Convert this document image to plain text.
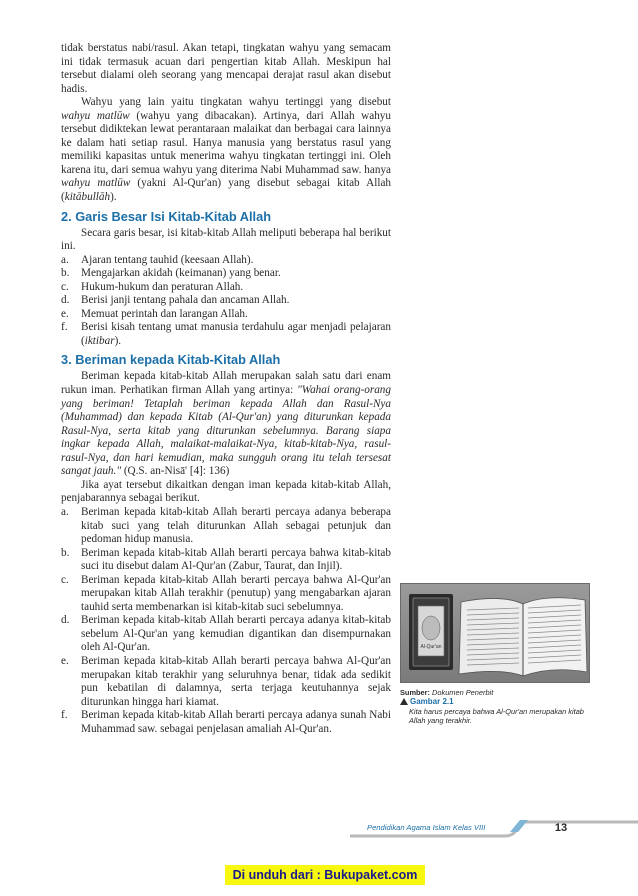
tidak berstatus nabi/rasul. Akan tetapi, tingkatan wahyu yang semacam ini tidak termasuk acuan dari pengertian kitab Allah. Meskipun hal tersebut dialami oleh seorang yang mencapai derajat rasul akan disebut hadis.

Wahyu yang lain yaitu tingkatan wahyu tertinggi yang disebut wahyu matlūw (wahyu yang dibacakan). Artinya, dari Allah wahyu tersebut didiktekan lewat perantaraan malaikat dan berbagai cara lainnya ke dalam hati setiap rasul. Hanya manusia yang berstatus rasul yang memiliki kapasitas untuk menerima wahyu tingkatan tertinggi ini. Oleh karena itu, dari semua wahyu yang diterima Nabi Muhammad saw. hanya wahyu matlūw (yakni Al-Qur'an) yang disebut sebagai kitab Allah (kitābullāh).

2. Garis Besar Isi Kitab-Kitab Allah

Secara garis besar, isi kitab-kitab Allah meliputi beberapa hal berikut ini.

a. Ajaran tentang tauhid (keesaan Allah).
b. Mengajarkan akidah (keimanan) yang benar.
c. Hukum-hukum dan peraturan Allah.
d. Berisi janji tentang pahala dan ancaman Allah.
e. Memuat perintah dan larangan Allah.
f. Berisi kisah tentang umat manusia terdahulu agar menjadi pelajaran (iktibar).
3. Beriman kepada Kitab-Kitab Allah

Beriman kepada kitab-kitab Allah merupakan salah satu dari enam rukun iman. Perhatikan firman Allah yang artinya: "Wahai orang-orang yang beriman! Tetaplah beriman kepada Allah dan Rasul-Nya (Muhammad) dan kepada Kitab (Al-Qur'an) yang diturunkan kepada Rasul-Nya, serta kitab yang diturunkan sebelumnya. Barang siapa ingkar kepada Allah, malaikat-malaikat-Nya, kitab-kitab-Nya, rasul-rasul-Nya, dan hari kemudian, maka sungguh orang itu telah tersesat sangat jauh." (Q.S. an-Nisā' [4]: 136)

Jika ayat tersebut dikaitkan dengan iman kepada kitab-kitab Allah, penjabarannya sebagai berikut.

a. Beriman kepada kitab-kitab Allah berarti percaya adanya beberapa kitab suci yang telah diturunkan Allah sebagai petunjuk dan pedoman hidup manusia.
b. Beriman kepada kitab-kitab Allah berarti percaya bahwa kitab-kitab suci itu disebut dalam Al-Qur'an (Zabur, Taurat, dan Injil).
c. Beriman kepada kitab-kitab Allah berarti percaya bahwa Al-Qur'an merupakan kitab Allah terakhir (penutup) yang mengabarkan ajaran tauhid serta membenarkan isi kitab-kitab suci sebelumnya.
d. Beriman kepada kitab-kitab Allah berarti percaya adanya kitab-kitab sebelum Al-Qur'an yang kemudian digantikan dan disempurnakan oleh Al-Qur'an.
e. Beriman kepada kitab-kitab Allah berarti percaya bahwa Al-Qur'an merupakan kitab terakhir yang seluruhnya benar, tidak ada sedikit pun kebatilan di dalamnya, serta terjaga keutuhannya sejak diturunkan hingga hari kiamat.
f. Beriman kepada kitab-kitab Allah berarti percaya adanya sunah Nabi Muhammad saw. sebagai penjelasan amaliah Al-Qur'an.
Al-Qur'an
Sumber: Dokumen Penerbit
Gambar 2.1
Kita harus percaya bahwa Al-Qur'an merupakan kitab Allah yang terakhir.
Pendidikan Agama Islam Kelas VIII	13
Di unduh dari : Bukupaket.com
